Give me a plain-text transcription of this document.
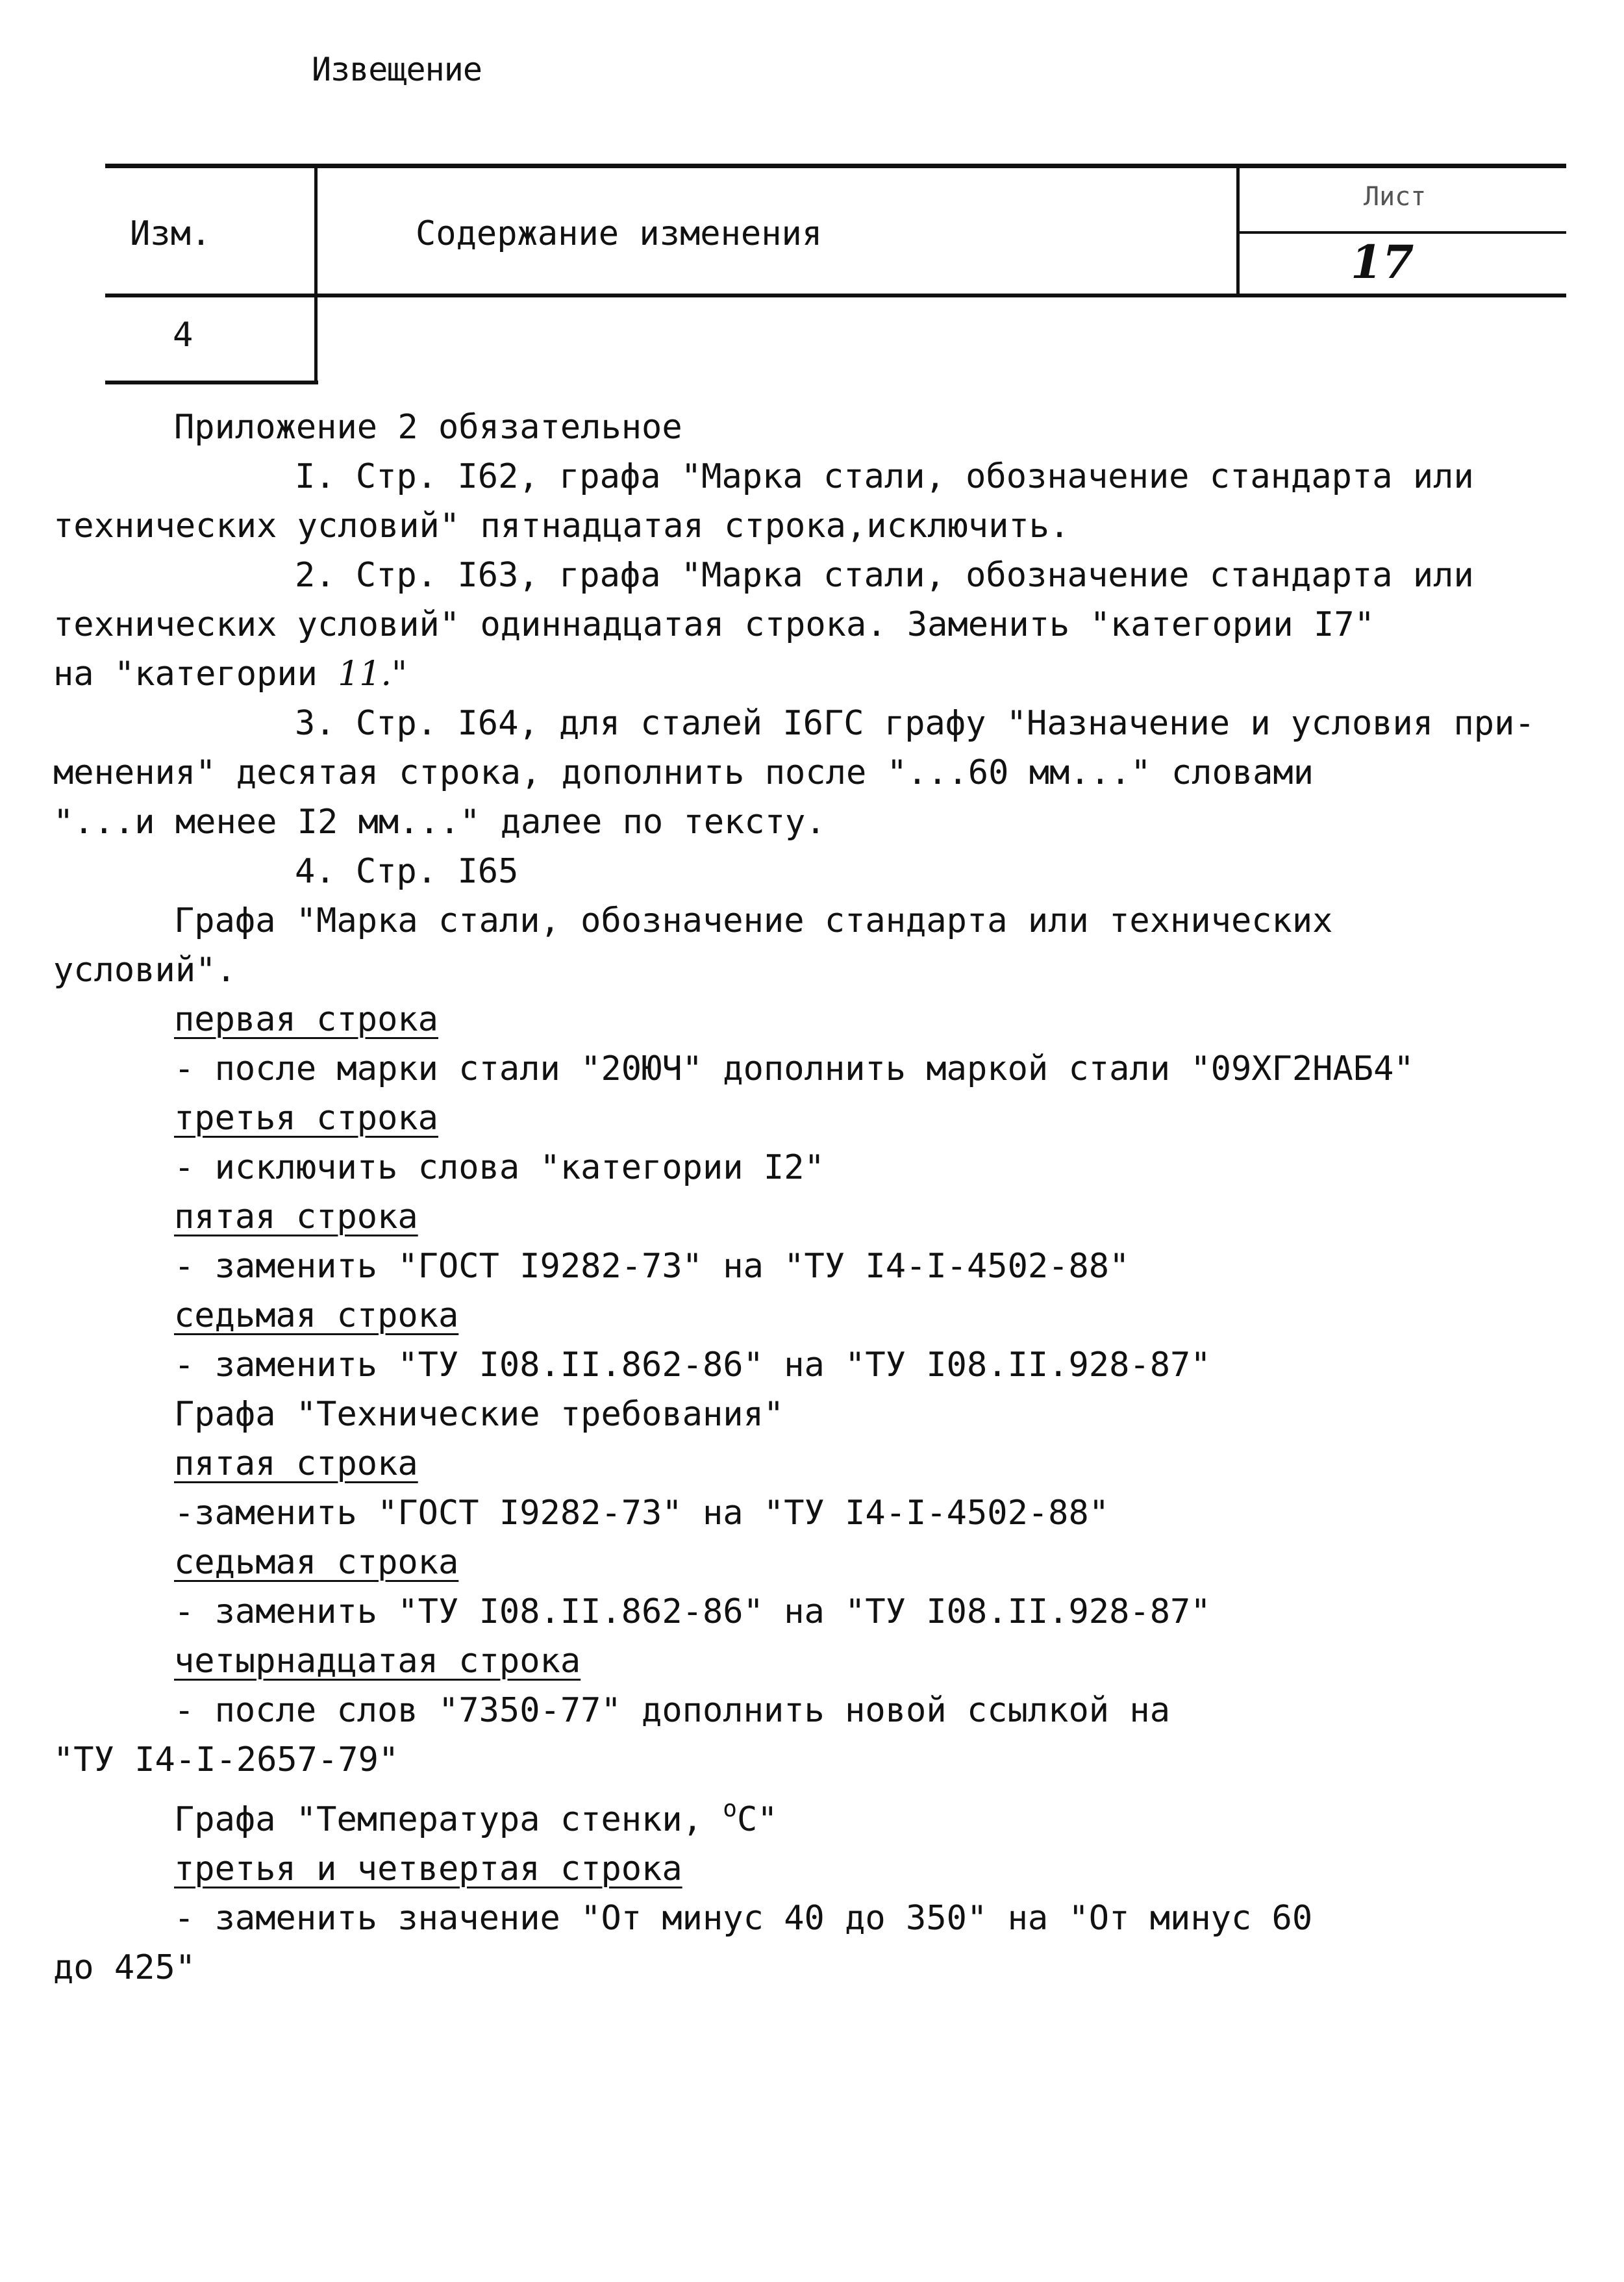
Извещение
Изм.	Содержание изменения
Лист
17
4

Приложение 2 обязательное

I. Стр. I62, графа "Марка стали, обозначение стандарта или

технических условий" пятнадцатая строка,исключить.

2. Стр. I63, графа "Марка стали, обозначение стандарта или

технических условий" одиннадцатая строка. Заменить "категории I7"

на "категории 11."

3. Стр. I64, для сталей I6ГС графу "Назначение и условия при-

менения" десятая строка, дополнить после "...60 мм..." словами

"...и менее I2 мм..." далее по тексту.

4. Стр. I65

Графа "Марка стали, обозначение стандарта или технических

условий".

первая строка

- после марки стали "20ЮЧ" дополнить маркой стали "09ХГ2НАБ4"

третья строка

- исключить слова "категории I2"

пятая строка

- заменить "ГОСТ I9282-73" на "ТУ I4-I-4502-88"

седьмая строка

- заменить "ТУ I08.II.862-86" на "ТУ I08.II.928-87"

Графа "Технические требования"

пятая строка

-заменить "ГОСТ I9282-73" на "ТУ I4-I-4502-88"

седьмая строка

- заменить "ТУ I08.II.862-86" на "ТУ I08.II.928-87"

четырнадцатая строка

- после слов "7350-77" дополнить новой ссылкой на

"ТУ I4-I-2657-79"

Графа "Температура стенки, $^o$C"

третья и четвертая строка

- заменить значение "От минус 40 до 350" на "От минус 60

до 425"
